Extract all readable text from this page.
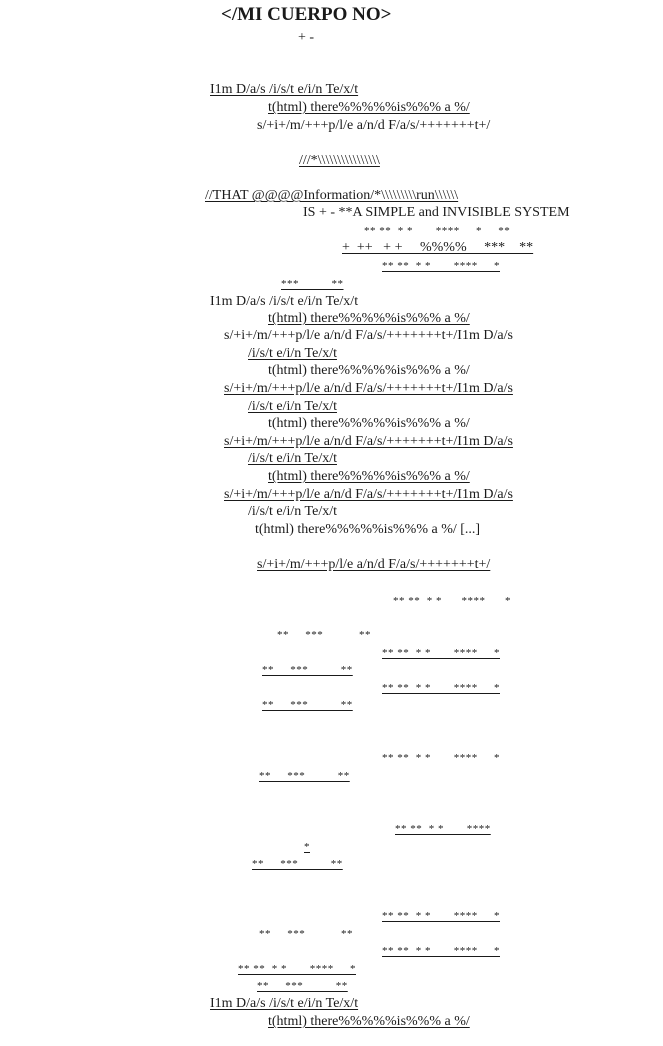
</MI CUERPO NO>
+ -
I1m D/a/s /i/s/t e/i/n Te/x/t
t(html) there%%%%%is%%% a %/
s/+i+/m/+++p/l/e a/n/d F/a/s/+++++++t+/
///*\\\\\\\\\\\\\\\\
//THAT @@@@Information/*\\\\\\\\\run\\\\\\
IS + - **A SIMPLE and INVISIBLE SYSTEM
** **  * *       ****     *     **
+  ++   + +     %%%%     ***    **
** **  * *       ****     *
***          **
I1m D/a/s /i/s/t e/i/n Te/x/t
t(html) there%%%%%is%%% a %/
s/+i+/m/+++p/l/e a/n/d F/a/s/+++++++t+/I1m D/a/s
/i/s/t e/i/n Te/x/t
t(html) there%%%%%is%%% a %/
s/+i+/m/+++p/l/e a/n/d F/a/s/+++++++t+/I1m D/a/s
/i/s/t e/i/n Te/x/t
t(html) there%%%%%is%%% a %/
s/+i+/m/+++p/l/e a/n/d F/a/s/+++++++t+/I1m D/a/s
/i/s/t e/i/n Te/x/t
t(html) there%%%%%is%%% a %/
s/+i+/m/+++p/l/e a/n/d F/a/s/+++++++t+/I1m D/a/s
/i/s/t e/i/n Te/x/t
t(html) there%%%%%is%%% a %/ [...]
s/+i+/m/+++p/l/e a/n/d F/a/s/+++++++t+/
** **  * *      ****      *
**     ***           **
** **  * *       ****     *
**     ***          **
** **  * *       ****     *
**     ***          **
** **  * *       ****     *
**     ***          **
** **  * *       ****
*
**     ***          **
** **  * *       ****     *
**     ***           **
** **  * *       ****     *
** **  * *       ****     *
**     ***          **
I1m D/a/s /i/s/t e/i/n Te/x/t
t(html) there%%%%%is%%% a %/
